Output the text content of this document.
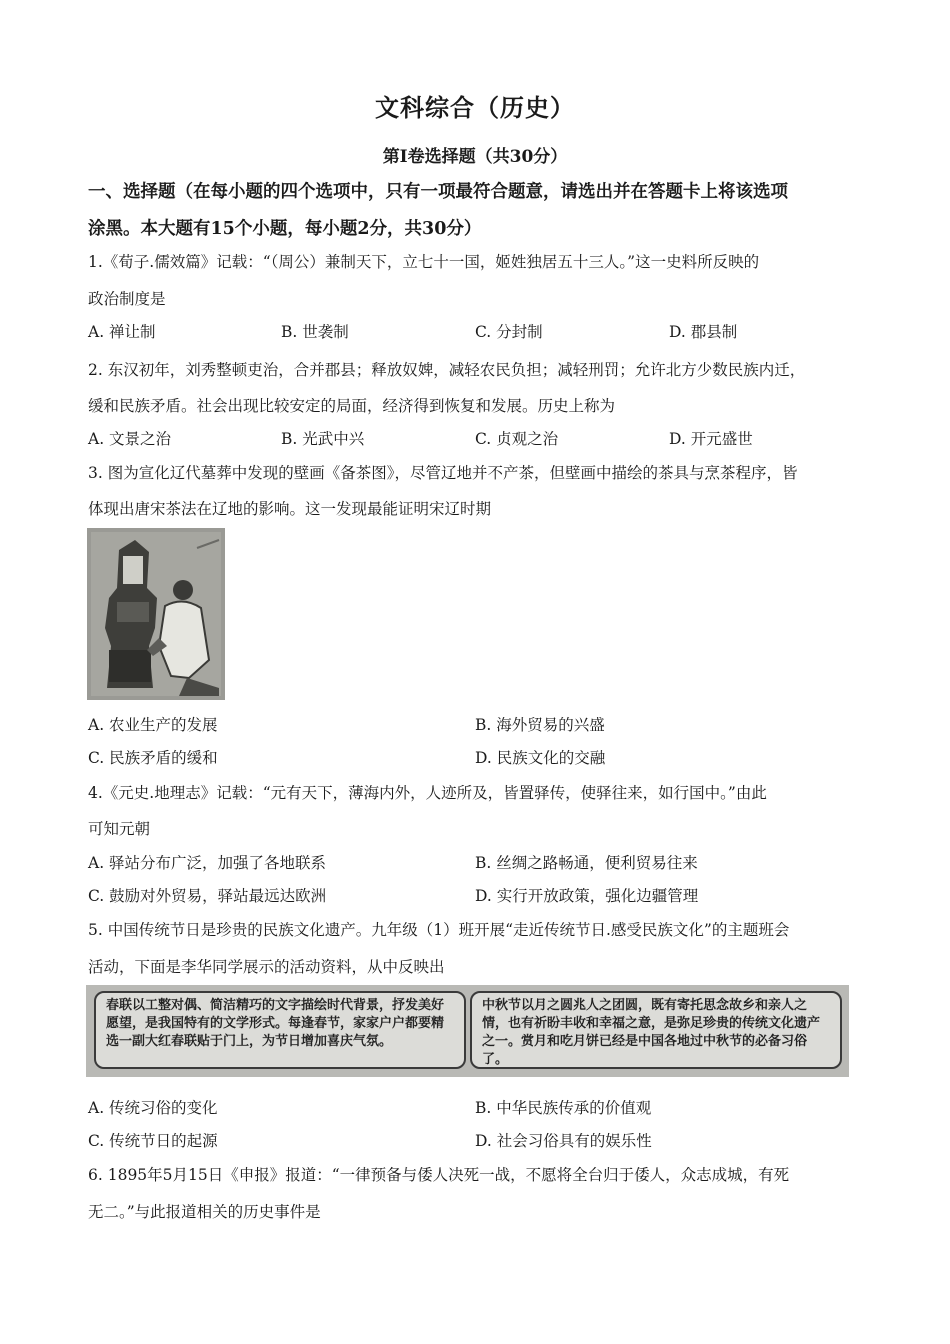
文科综合（历史）
第Ⅰ卷选择题（共30分）
一、选择题（在每小题的四个选项中，只有一项最符合题意，请选出并在答题卡上将该选项
涂黑。本大题有15个小题，每小题2分，共30分）
1.《荀子.儒效篇》记载：“（周公）兼制天下，立七十一国，姬姓独居五十三人。”这一史料所反映的
政治制度是
A. 禅让制	B. 世袭制	C. 分封制	D. 郡县制
2. 东汉初年，刘秀整顿吏治，合并郡县；释放奴婢，减轻农民负担；减轻刑罚；允许北方少数民族内迁，
缓和民族矛盾。社会出现比较安定的局面，经济得到恢复和发展。历史上称为
A. 文景之治	B. 光武中兴	C. 贞观之治	D. 开元盛世
3. 图为宣化辽代墓葬中发现的壁画《备茶图》，尽管辽地并不产茶，但壁画中描绘的茶具与烹茶程序，皆
体现出唐宋茶法在辽地的影响。这一发现最能证明宋辽时期
A. 农业生产的发展	B. 海外贸易的兴盛
C. 民族矛盾的缓和	D. 民族文化的交融
4.《元史.地理志》记载：“元有天下，薄海内外，人迹所及，皆置驿传，使驿往来，如行国中。”由此
可知元朝
A. 驿站分布广泛，加强了各地联系	B. 丝绸之路畅通，便利贸易往来
C. 鼓励对外贸易，驿站最远达欧洲	D. 实行开放政策，强化边疆管理
5. 中国传统节日是珍贵的民族文化遗产。九年级（1）班开展“走近传统节日.感受民族文化”的主题班会
活动，下面是李华同学展示的活动资料，从中反映出
春联以工整对偶、简洁精巧的文字描绘时代背景，抒发美好愿望，是我国特有的文学形式。每逢春节，家家户户都要精选一副大红春联贴于门上，为节日增加喜庆气氛。
中秋节以月之圆兆人之团圆，既有寄托思念故乡和亲人之情，也有祈盼丰收和幸福之意，是弥足珍贵的传统文化遗产之一。赏月和吃月饼已经是中国各地过中秋节的必备习俗了。
A. 传统习俗的变化	B. 中华民族传承的价值观
C. 传统节日的起源	D. 社会习俗具有的娱乐性
6. 1895年5月15日《申报》报道：“一律预备与倭人决死一战，不愿将全台归于倭人，众志成城，有死
无二。”与此报道相关的历史事件是
